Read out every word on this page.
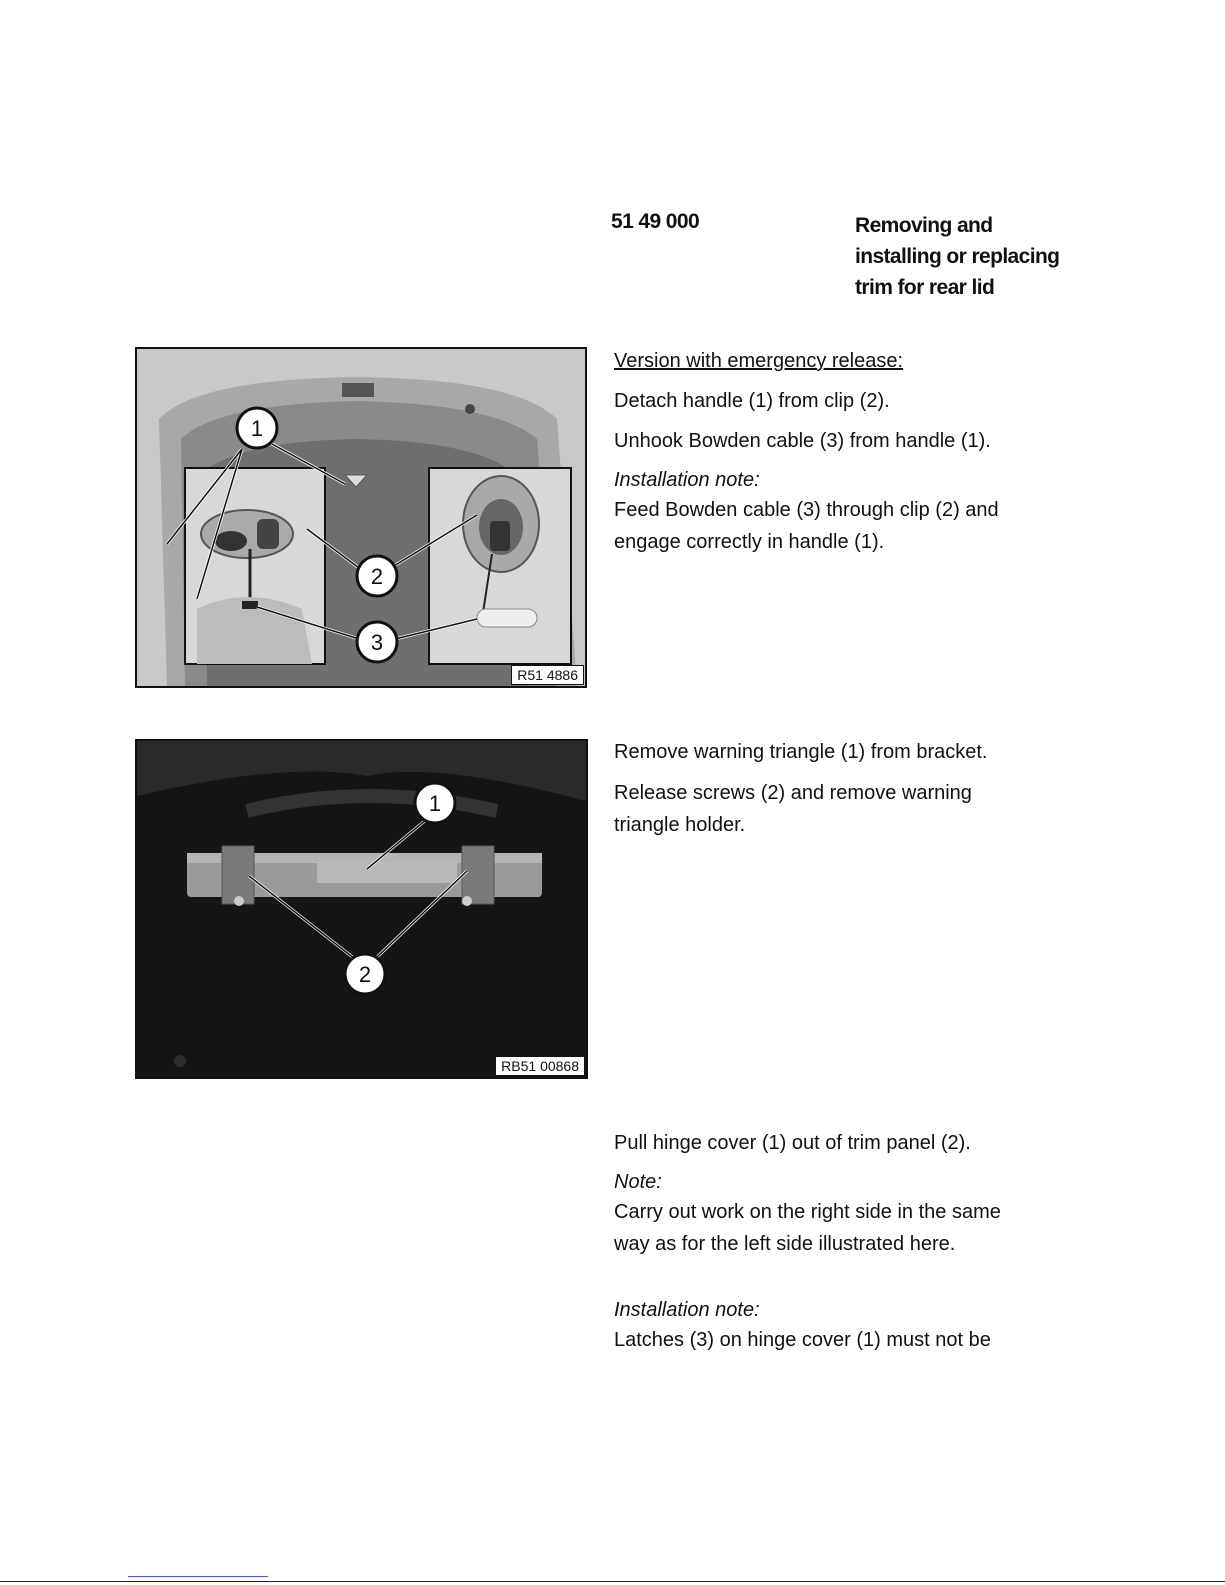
51 49 000	Removing and
installing or replacing
trim for rear lid
1
2
3
R51 4886

Version with emergency release:

Detach handle (1) from clip (2).

Unhook Bowden cable (3) from handle (1).

Installation note:

Feed Bowden cable (3) through clip (2) and

engage correctly in handle (1).

1
2
RB51 00868

Remove warning triangle (1) from bracket.

Release screws (2) and remove warning

triangle holder.

Pull hinge cover (1) out of trim panel (2).

Note:

Carry out work on the right side in the same

way as for the left side illustrated here.

Installation note:

Latches (3) on hinge cover (1) must not be
